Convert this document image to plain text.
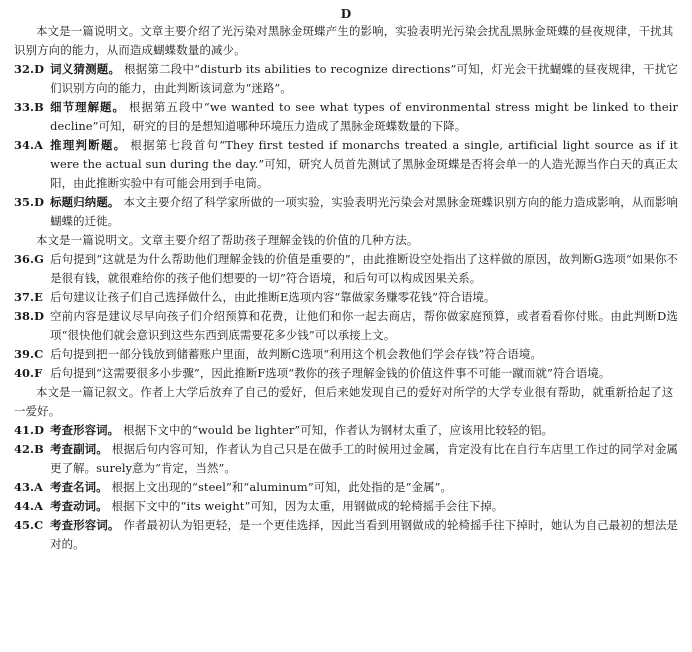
D
本文是一篇说明文。文章主要介绍了光污染对黑脉金斑蝶产生的影响，实验表明光污染会扰乱黑脉金斑蝶的昼夜规律，干扰其识别方向的能力，从而造成蝴蝶数量的减少。
32.D 词义猜测题。 根据第二段中“disturb its abilities to recognize directions”可知，灯光会干扰蝴蝶的昼夜规律，干扰它们识别方向的能力，由此判断该词意为“迷路”。
33.B 细节理解题。 根据第五段中“we wanted to see what types of environmental stress might be linked to their decline”可知，研究的目的是想知道哪种环境压力造成了黑脉金斑蝶数量的下降。
34.A 推理判断题。 根据第七段首句“They first tested if monarchs treated a single, artificial light source as if it were the actual sun during the day.”可知，研究人员首先测试了黑脉金斑蝶是否将会单一的人造光源当作白天的真正太阳，由此推断实验中有可能会用到手电筒。
35.D 标题归纳题。 本文主要介绍了科学家所做的一项实验，实验表明光污染会对黑脉金斑蝶识别方向的能力造成影响，从而影响蝴蝶的迁徙。
本文是一篇说明文。文章主要介绍了帮助孩子理解金钱的价值的几种方法。
36.G 后句提到“这就是为什么帮助他们理解金钱的价值是重要的”，由此推断设空处指出了这样做的原因，故判断G选项“如果你不是很有钱，就很难给你的孩子他们想要的一切”符合语境，和后句可以构成因果关系。
37.E 后句建议让孩子们自己选择做什么，由此推断E选项内容“靠做家务赚零花钱”符合语境。
38.D 空前内容是建议尽早向孩子们介绍预算和花费，让他们和你一起去商店，帮你做家庭预算，或者看看你付账。由此判断D选项“很快他们就会意识到这些东西到底需要花多少钱”可以承接上文。
39.C 后句提到把一部分钱放到储蓄账户里面，故判断C选项“利用这个机会教他们学会存钱”符合语境。
40.F 后句提到“这需要很多小步骤”，因此推断F选项“教你的孩子理解金钱的价值这件事不可能一蹴而就”符合语境。
本文是一篇记叙文。作者上大学后放弃了自己的爱好，但后来她发现自己的爱好对所学的大学专业很有帮助，就重新拾起了这一爱好。
41.D 考查形容词。 根据下文中的“would be lighter”可知，作者认为钢材太重了，应该用比较轻的铝。
42.B 考查副词。 根据后句内容可知，作者认为自己只是在做手工的时候用过金属，肯定没有比在自行车店里工作过的同学对金属更了解。surely意为“肯定，当然”。
43.A 考查名词。 根据上文出现的“steel”和“aluminum”可知，此处指的是“金属”。
44.A 考查动词。 根据下文中的“its weight”可知，因为太重，用钢做成的轮椅摇手会往下掉。
45.C 考查形容词。 作者最初认为铝更轻，是一个更佳选择，因此当看到用钢做成的轮椅摇手往下掉时，她认为自己最初的想法是对的。
